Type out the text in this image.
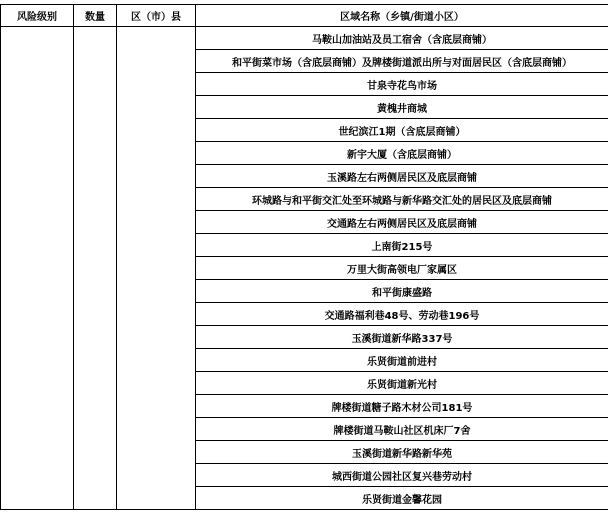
风险级别	数量	区（市）县	区域名称（乡镇/街道小区）
			马鞍山加油站及员工宿舍（含底层商铺）
			和平街菜市场（含底层商铺）及牌楼街道派出所与对面居民区（含底层商铺）
			甘泉寺花鸟市场
			黄槐井商城
			世纪滨江1期（含底层商铺）
			新宇大厦（含底层商铺）
			玉溪路左右两侧居民区及底层商铺
			环城路与和平街交汇处至环城路与新华路交汇处的居民区及底层商铺
			交通路左右两侧居民区及底层商铺
			上南街215号
			万里大街高领电厂家属区
			和平街康盛路
			交通路福利巷48号、劳动巷196号
			玉溪街道新华路337号
			乐贤街道前进村
			乐贤街道新光村
			牌楼街道糖子路木材公司181号
			牌楼街道马鞍山社区机床厂7舍
			玉溪街道新华路新华苑
			城西街道公园社区复兴巷劳动村
			乐贤街道金馨花园
